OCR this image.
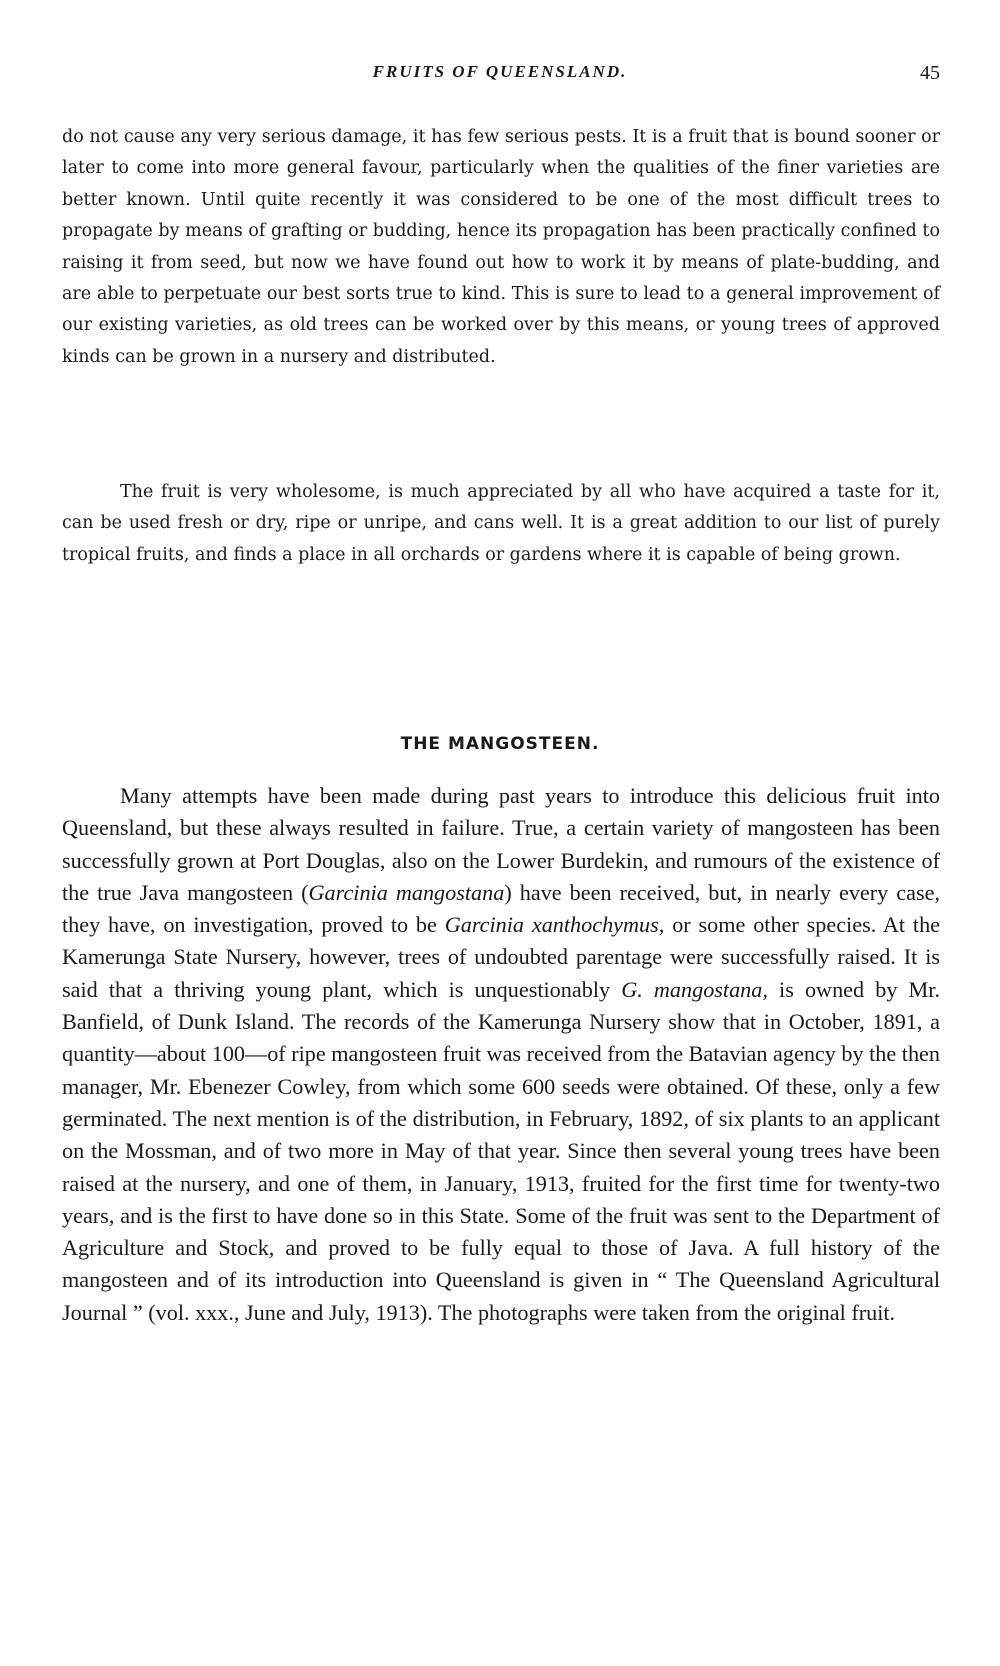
FRUITS OF QUEENSLAND.	45

do not cause any very serious damage, it has few serious pests. It is a fruit that is bound sooner or later to come into more general favour, particularly when the qualities of the finer varieties are better known. Until quite recently it was considered to be one of the most difficult trees to propagate by means of grafting or budding, hence its propagation has been practically confined to raising it from seed, but now we have found out how to work it by means of plate-budding, and are able to perpetuate our best sorts true to kind. This is sure to lead to a general improvement of our existing varieties, as old trees can be worked over by this means, or young trees of approved kinds can be grown in a nursery and distributed.

The fruit is very wholesome, is much appreciated by all who have acquired a taste for it, can be used fresh or dry, ripe or unripe, and cans well. It is a great addition to our list of purely tropical fruits, and finds a place in all orchards or gardens where it is capable of being grown.

THE MANGOSTEEN.

Many attempts have been made during past years to introduce this delicious fruit into Queensland, but these always resulted in failure. True, a certain variety of mangosteen has been successfully grown at Port Douglas, also on the Lower Burdekin, and rumours of the existence of the true Java mangosteen (Garcinia mangostana) have been received, but, in nearly every case, they have, on investigation, proved to be Garcinia xanthochymus, or some other species. At the Kamerunga State Nursery, however, trees of undoubted parentage were successfully raised. It is said that a thriving young plant, which is unquestionably G. mangostana, is owned by Mr. Banfield, of Dunk Island. The records of the Kamerunga Nursery show that in October, 1891, a quantity—about 100—of ripe mangosteen fruit was received from the Batavian agency by the then manager, Mr. Ebenezer Cowley, from which some 600 seeds were obtained. Of these, only a few germinated. The next mention is of the distribution, in February, 1892, of six plants to an applicant on the Mossman, and of two more in May of that year. Since then several young trees have been raised at the nursery, and one of them, in January, 1913, fruited for the first time for twenty-two years, and is the first to have done so in this State. Some of the fruit was sent to the Department of Agriculture and Stock, and proved to be fully equal to those of Java. A full history of the mangosteen and of its introduction into Queensland is given in “ The Queensland Agricultural Journal ” (vol. xxx., June and July, 1913). The photographs were taken from the original fruit.
